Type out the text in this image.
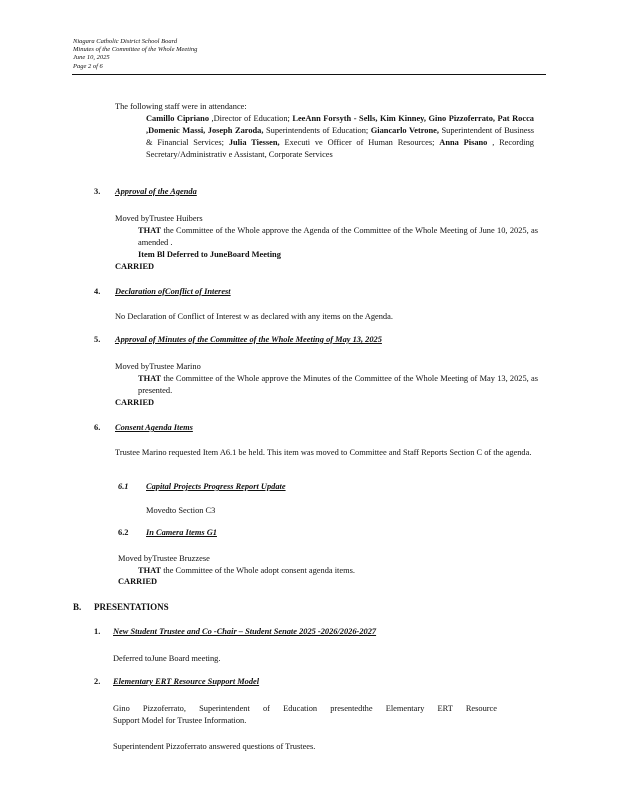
Niagara Catholic District School Board
Minutes of the Committee of the Whole Meeting
June 10, 2025
Page 2 of 6
The following staff were in attendance:
Camillo Cipriano ,Director of Education; LeeAnn Forsyth - Sells, Kim Kinney, Gino Pizzoferrato, Pat Rocca ,Domenic Massi, Joseph Zaroda, Superintendents of Education; Giancarlo Vetrone, Superintendent of Business & Financial Services; Julia Tiessen, Executi ve Officer of Human Resources; Anna Pisano , Recording Secretary/Administrativ e Assistant, Corporate Services
3. Approval of the Agenda
Moved byTrustee Huibers
THAT the Committee of the Whole approve the Agenda of the Committee of the Whole Meeting of June 10, 2025, as amended .
Item Bl Deferred to JuneBoard Meeting
CARRIED
4. Declaration ofConflict of Interest
No Declaration of Conflict of Interest w as declared with any items on the Agenda.
5. Approval of Minutes of the Committee of the Whole Meeting of May 13, 2025
Moved byTrustee Marino
THAT the Committee of the Whole approve the Minutes of the Committee of the Whole Meeting of May 13, 2025, as presented.
CARRIED
6. Consent Agenda Items
Trustee Marino requested Item A6.1 be held. This item was moved to Committee and Staff Reports Section C of the agenda.
6.1 Capital Projects Progress Report Update
Movedto Section C3
6.2 In Camera Items G1
Moved byTrustee Bruzzese
THAT the Committee of the Whole adopt consent agenda items.
CARRIED
B. PRESENTATIONS
1. New Student Trustee and Co -Chair – Student Senate 2025 -2026/2026-2027
Deferred toJune Board meeting.
2. Elementary ERT Resource Support Model
Gino Pizzoferrato, Superintendent of Education presentedthe Elementary ERT Resource
Support Model for Trustee Information.
Superintendent Pizzoferrato answered questions of Trustees.
